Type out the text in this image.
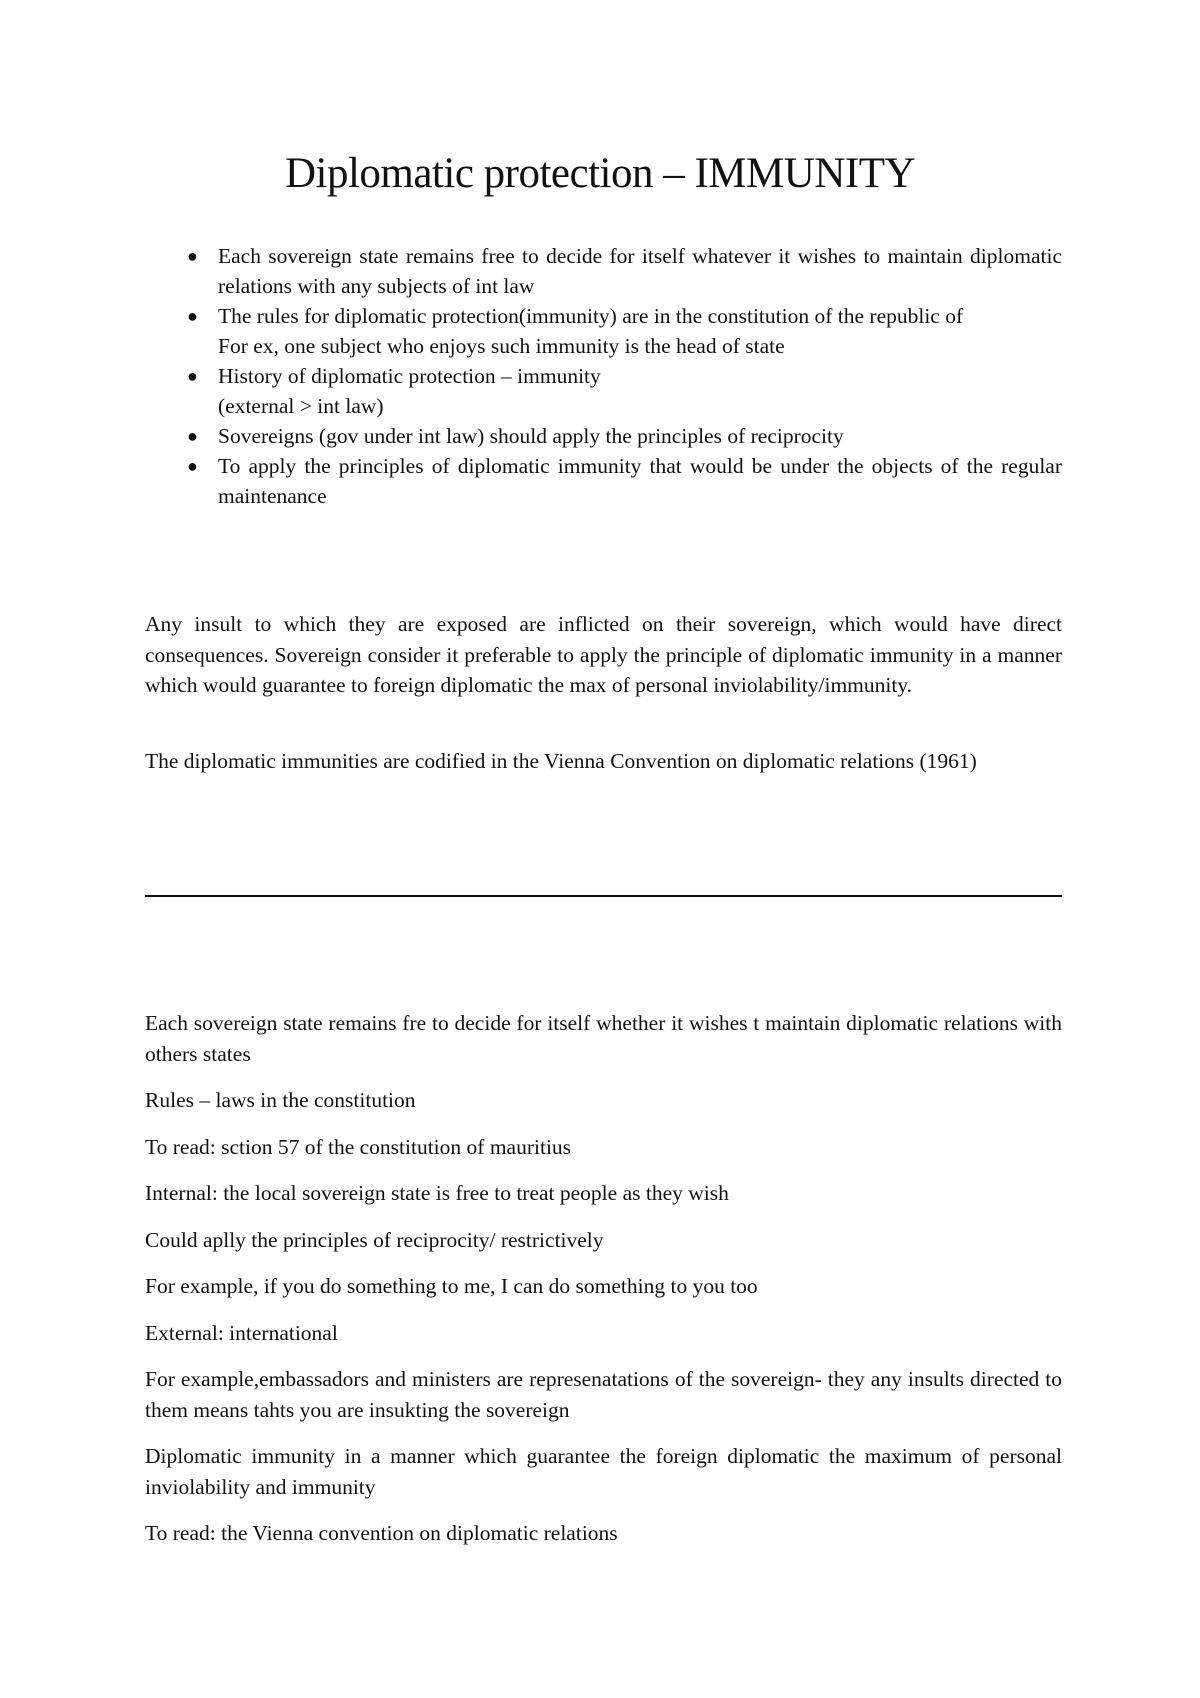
Diplomatic protection – IMMUNITY
● Each sovereign state remains free to decide for itself whatever it wishes to maintain diplomatic relations with any subjects of int law
● The rules for diplomatic protection(immunity) are in the constitution of the republic of
For ex, one subject who enjoys such immunity is the head of state
● History of diplomatic protection – immunity
(external > int law)
● Sovereigns (gov under int law) should apply the principles of reciprocity
● To apply the principles of diplomatic immunity that would be under the objects of the regular maintenance

Any insult to which they are exposed are inflicted on their sovereign, which would have direct consequences. Sovereign consider it preferable to apply the principle of diplomatic immunity in a manner which would guarantee to foreign diplomatic the max of personal inviolability/immunity.

The diplomatic immunities are codified in the Vienna Convention on diplomatic relations (1961)

Each sovereign state remains fre to decide for itself whether it wishes t maintain diplomatic relations with others states

Rules – laws in the constitution

To read: sction 57 of the constitution of mauritius

Internal: the local sovereign state is free to treat people as they wish

Could aplly the principles of reciprocity/ restrictively

For example, if you do something to me, I can do something to you too

External: international

For example,embassadors and ministers are represenatations of the sovereign- they any insults directed to them means tahts you are insukting the sovereign

Diplomatic immunity in a manner which guarantee the foreign diplomatic the maximum of personal inviolability and immunity

To read: the Vienna convention on diplomatic relations
